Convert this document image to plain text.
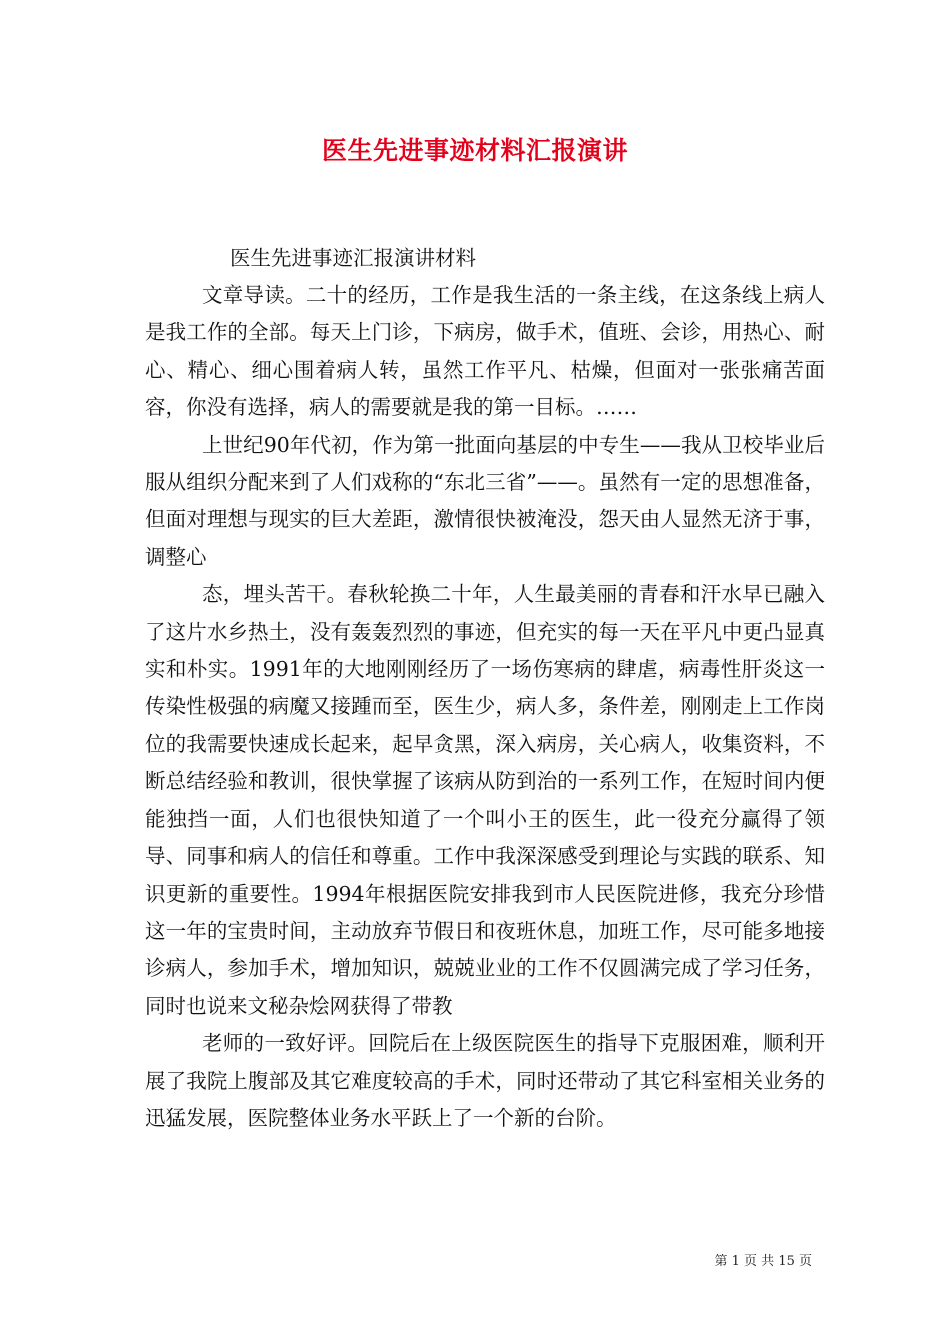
医生先进事迹材料汇报演讲

医生先进事迹汇报演讲材料

文章导读。二十的经历，工作是我生活的一条主线，在这条线上病人是我工作的全部。每天上门诊，下病房，做手术，值班、会诊，用热心、耐心、精心、细心围着病人转，虽然工作平凡、枯燥，但面对一张张痛苦面容，你没有选择，病人的需要就是我的第一目标。……

上世纪90年代初，作为第一批面向基层的中专生——我从卫校毕业后服从组织分配来到了人们戏称的“东北三省”——。虽然有一定的思想准备，但面对理想与现实的巨大差距，激情很快被淹没，怨天由人显然无济于事，调整心

态，埋头苦干。春秋轮换二十年，人生最美丽的青春和汗水早已融入了这片水乡热土，没有轰轰烈烈的事迹，但充实的每一天在平凡中更凸显真实和朴实。1991年的大地刚刚经历了一场伤寒病的肆虐，病毒性肝炎这一传染性极强的病魔又接踵而至，医生少，病人多，条件差，刚刚走上工作岗位的我需要快速成长起来，起早贪黑，深入病房，关心病人，收集资料，不断总结经验和教训，很快掌握了该病从防到治的一系列工作，在短时间内便能独挡一面，人们也很快知道了一个叫小王的医生，此一役充分赢得了领导、同事和病人的信任和尊重。工作中我深深感受到理论与实践的联系、知识更新的重要性。1994年根据医院安排我到市人民医院进修，我充分珍惜这一年的宝贵时间，主动放弃节假日和夜班休息，加班工作，尽可能多地接诊病人，参加手术，增加知识，兢兢业业的工作不仅圆满完成了学习任务，同时也说来文秘杂烩网获得了带教

老师的一致好评。回院后在上级医院医生的指导下克服困难，顺利开展了我院上腹部及其它难度较高的手术，同时还带动了其它科室相关业务的迅猛发展，医院整体业务水平跃上了一个新的台阶。

第 1 页 共 15 页
